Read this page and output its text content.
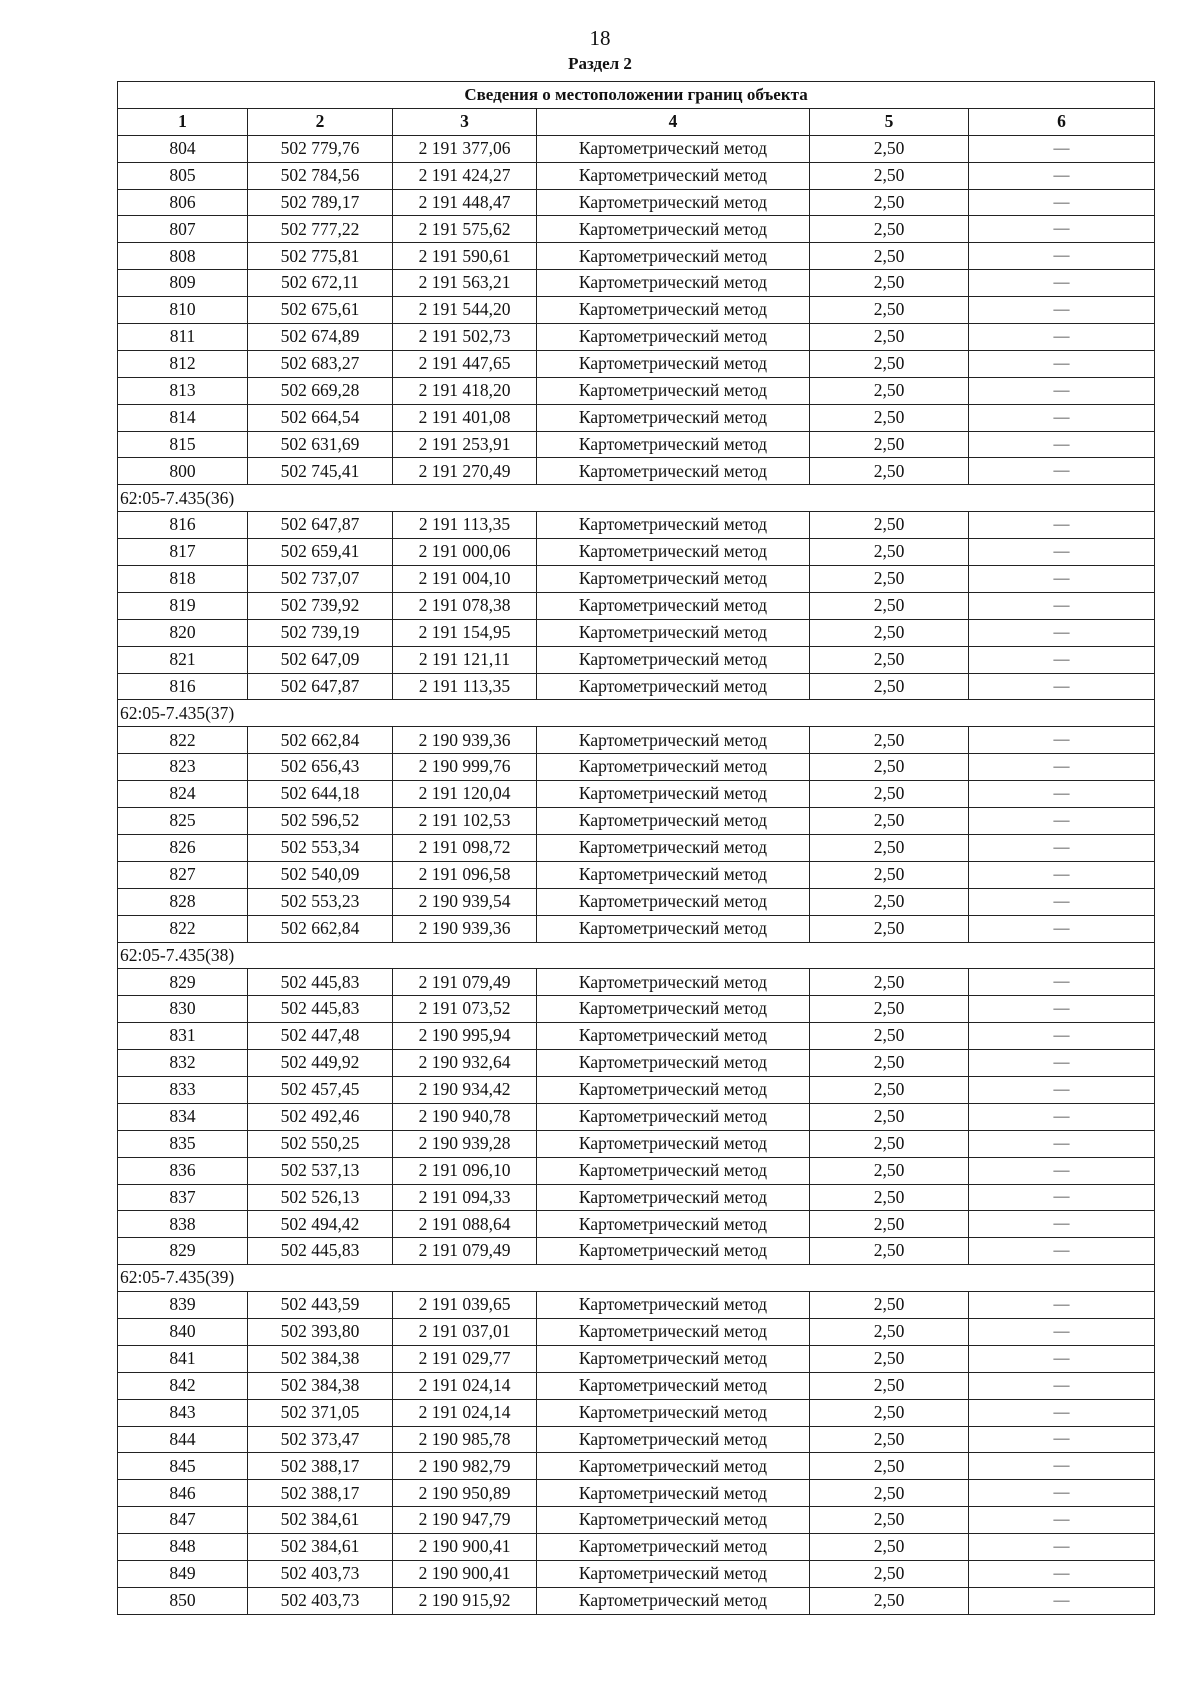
18
Раздел 2
Сведения о местоположении границ объекта					
1	2	3	4	5	6
804	502 779,76	2 191 377,06	Картометрический метод	2,50	—
805	502 784,56	2 191 424,27	Картометрический метод	2,50	—
806	502 789,17	2 191 448,47	Картометрический метод	2,50	—
807	502 777,22	2 191 575,62	Картометрический метод	2,50	—
808	502 775,81	2 191 590,61	Картометрический метод	2,50	—
809	502 672,11	2 191 563,21	Картометрический метод	2,50	—
810	502 675,61	2 191 544,20	Картометрический метод	2,50	—
811	502 674,89	2 191 502,73	Картометрический метод	2,50	—
812	502 683,27	2 191 447,65	Картометрический метод	2,50	—
813	502 669,28	2 191 418,20	Картометрический метод	2,50	—
814	502 664,54	2 191 401,08	Картометрический метод	2,50	—
815	502 631,69	2 191 253,91	Картометрический метод	2,50	—
800	502 745,41	2 191 270,49	Картометрический метод	2,50	—
62:05-7.435(36)					
816	502 647,87	2 191 113,35	Картометрический метод	2,50	—
817	502 659,41	2 191 000,06	Картометрический метод	2,50	—
818	502 737,07	2 191 004,10	Картометрический метод	2,50	—
819	502 739,92	2 191 078,38	Картометрический метод	2,50	—
820	502 739,19	2 191 154,95	Картометрический метод	2,50	—
821	502 647,09	2 191 121,11	Картометрический метод	2,50	—
816	502 647,87	2 191 113,35	Картометрический метод	2,50	—
62:05-7.435(37)					
822	502 662,84	2 190 939,36	Картометрический метод	2,50	—
823	502 656,43	2 190 999,76	Картометрический метод	2,50	—
824	502 644,18	2 191 120,04	Картометрический метод	2,50	—
825	502 596,52	2 191 102,53	Картометрический метод	2,50	—
826	502 553,34	2 191 098,72	Картометрический метод	2,50	—
827	502 540,09	2 191 096,58	Картометрический метод	2,50	—
828	502 553,23	2 190 939,54	Картометрический метод	2,50	—
822	502 662,84	2 190 939,36	Картометрический метод	2,50	—
62:05-7.435(38)					
829	502 445,83	2 191 079,49	Картометрический метод	2,50	—
830	502 445,83	2 191 073,52	Картометрический метод	2,50	—
831	502 447,48	2 190 995,94	Картометрический метод	2,50	—
832	502 449,92	2 190 932,64	Картометрический метод	2,50	—
833	502 457,45	2 190 934,42	Картометрический метод	2,50	—
834	502 492,46	2 190 940,78	Картометрический метод	2,50	—
835	502 550,25	2 190 939,28	Картометрический метод	2,50	—
836	502 537,13	2 191 096,10	Картометрический метод	2,50	—
837	502 526,13	2 191 094,33	Картометрический метод	2,50	—
838	502 494,42	2 191 088,64	Картометрический метод	2,50	—
829	502 445,83	2 191 079,49	Картометрический метод	2,50	—
62:05-7.435(39)					
839	502 443,59	2 191 039,65	Картометрический метод	2,50	—
840	502 393,80	2 191 037,01	Картометрический метод	2,50	—
841	502 384,38	2 191 029,77	Картометрический метод	2,50	—
842	502 384,38	2 191 024,14	Картометрический метод	2,50	—
843	502 371,05	2 191 024,14	Картометрический метод	2,50	—
844	502 373,47	2 190 985,78	Картометрический метод	2,50	—
845	502 388,17	2 190 982,79	Картометрический метод	2,50	—
846	502 388,17	2 190 950,89	Картометрический метод	2,50	—
847	502 384,61	2 190 947,79	Картометрический метод	2,50	—
848	502 384,61	2 190 900,41	Картометрический метод	2,50	—
849	502 403,73	2 190 900,41	Картометрический метод	2,50	—
850	502 403,73	2 190 915,92	Картометрический метод	2,50	—
